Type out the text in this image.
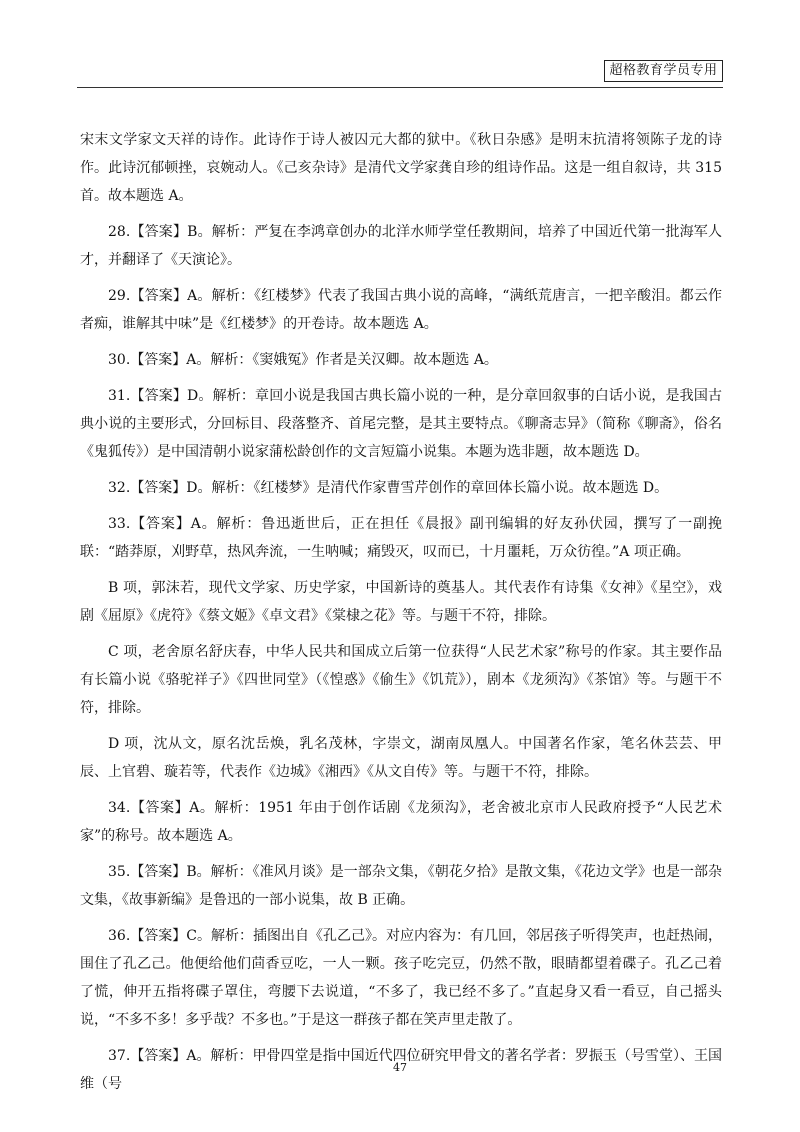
超格教育学员专用

宋末文学家文天祥的诗作。此诗作于诗人被囚元大都的狱中。《秋日杂感》是明末抗清将领陈子龙的诗作。此诗沉郁顿挫，哀婉动人。《己亥杂诗》是清代文学家龚自珍的组诗作品。这是一组自叙诗，共 315 首。故本题选 A。

28.【答案】B。解析：严复在李鸿章创办的北洋水师学堂任教期间，培养了中国近代第一批海军人才，并翻译了《天演论》。

29.【答案】A。解析：《红楼梦》代表了我国古典小说的高峰，“满纸荒唐言，一把辛酸泪。都云作者痴，谁解其中味”是《红楼梦》的开卷诗。故本题选 A。

30.【答案】A。解析：《窦娥冤》作者是关汉卿。故本题选 A。

31.【答案】D。解析：章回小说是我国古典长篇小说的一种，是分章回叙事的白话小说，是我国古典小说的主要形式，分回标目、段落整齐、首尾完整，是其主要特点。《聊斋志异》（简称《聊斋》，俗名《鬼狐传》）是中国清朝小说家蒲松龄创作的文言短篇小说集。本题为选非题，故本题选 D。

32.【答案】D。解析：《红楼梦》是清代作家曹雪芹创作的章回体长篇小说。故本题选 D。

33.【答案】A。解析：鲁迅逝世后，正在担任《晨报》副刊编辑的好友孙伏园，撰写了一副挽联：“踏莽原，刈野草，热风奔流，一生呐喊；痛毁灭，叹而已，十月噩耗，万众彷徨。”A 项正确。

B 项，郭沫若，现代文学家、历史学家，中国新诗的奠基人。其代表作有诗集《女神》《星空》，戏剧《屈原》《虎符》《蔡文姬》《卓文君》《棠棣之花》等。与题干不符，排除。

C 项，老舍原名舒庆春，中华人民共和国成立后第一位获得“人民艺术家”称号的作家。其主要作品有长篇小说《骆驼祥子》《四世同堂》（《惶惑》《偷生》《饥荒》），剧本《龙须沟》《茶馆》等。与题干不符，排除。

D 项，沈从文，原名沈岳焕，乳名茂林，字崇文，湖南凤凰人。中国著名作家，笔名休芸芸、甲辰、上官碧、璇若等，代表作《边城》《湘西》《从文自传》等。与题干不符，排除。

34.【答案】A。解析：1951 年由于创作话剧《龙须沟》，老舍被北京市人民政府授予“人民艺术家”的称号。故本题选 A。

35.【答案】B。解析：《准风月谈》是一部杂文集，《朝花夕拾》是散文集，《花边文学》也是一部杂文集，《故事新编》是鲁迅的一部小说集，故 B 正确。

36.【答案】C。解析：插图出自《孔乙己》。对应内容为：有几回，邻居孩子听得笑声，也赶热闹，围住了孔乙己。他便给他们茴香豆吃，一人一颗。孩子吃完豆，仍然不散，眼睛都望着碟子。孔乙己着了慌，伸开五指将碟子罩住，弯腰下去说道，“不多了，我已经不多了。”直起身又看一看豆，自己摇头说，“不多不多！多乎哉？不多也。”于是这一群孩子都在笑声里走散了。

37.【答案】A。解析：甲骨四堂是指中国近代四位研究甲骨文的著名学者：罗振玉（号雪堂）、王国维（号

47
